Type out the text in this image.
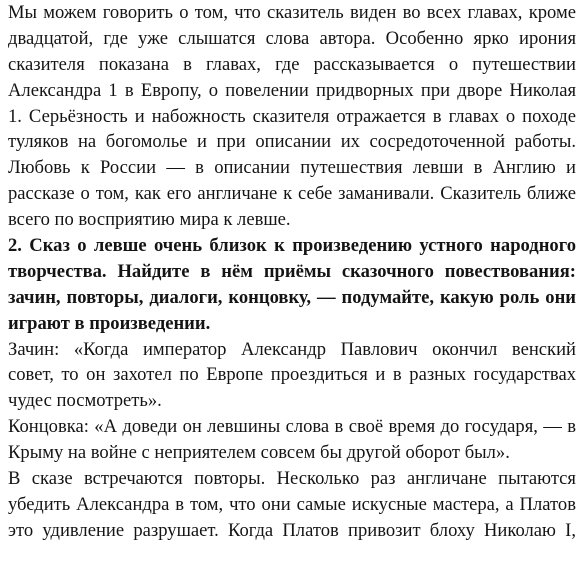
Мы можем говорить о том, что сказитель виден во всех главах, кроме
двадцатой, где уже слышатся слова автора. Особенно ярко ирония
сказителя показана в главах, где рассказывается о путешествии
Александра 1 в Европу, о повелении придворных при дворе Николая
1. Серьёзность и набожность сказителя отражается в главах о походе
туляков на богомолье и при описании их сосредоточенной работы.
Любовь к России — в описании путешествия левши в Англию и
рассказе о том, как его англичане к себе заманивали. Сказитель ближе
всего по восприятию мира к левше.
2. Сказ о левше очень близок к произведению устного народного
творчества. Найдите в нём приёмы сказочного повествования:
зачин, повторы, диалоги, концовку, — подумайте, какую роль они
играют в произведении.
Зачин: «Когда император Александр Павлович окончил венский
совет, то он захотел по Европе проездиться и в разных государствах
чудес посмотреть».
Концовка: «А доведи он левшины слова в своё время до государя, — в
Крыму на войне с неприятелем совсем бы другой оборот был».
В сказе встречаются повторы. Несколько раз англичане пытаются
убедить Александра в том, что они самые искусные мастера, а Платов
это удивление разрушает. Когда Платов привозит блоху Николаю I,
